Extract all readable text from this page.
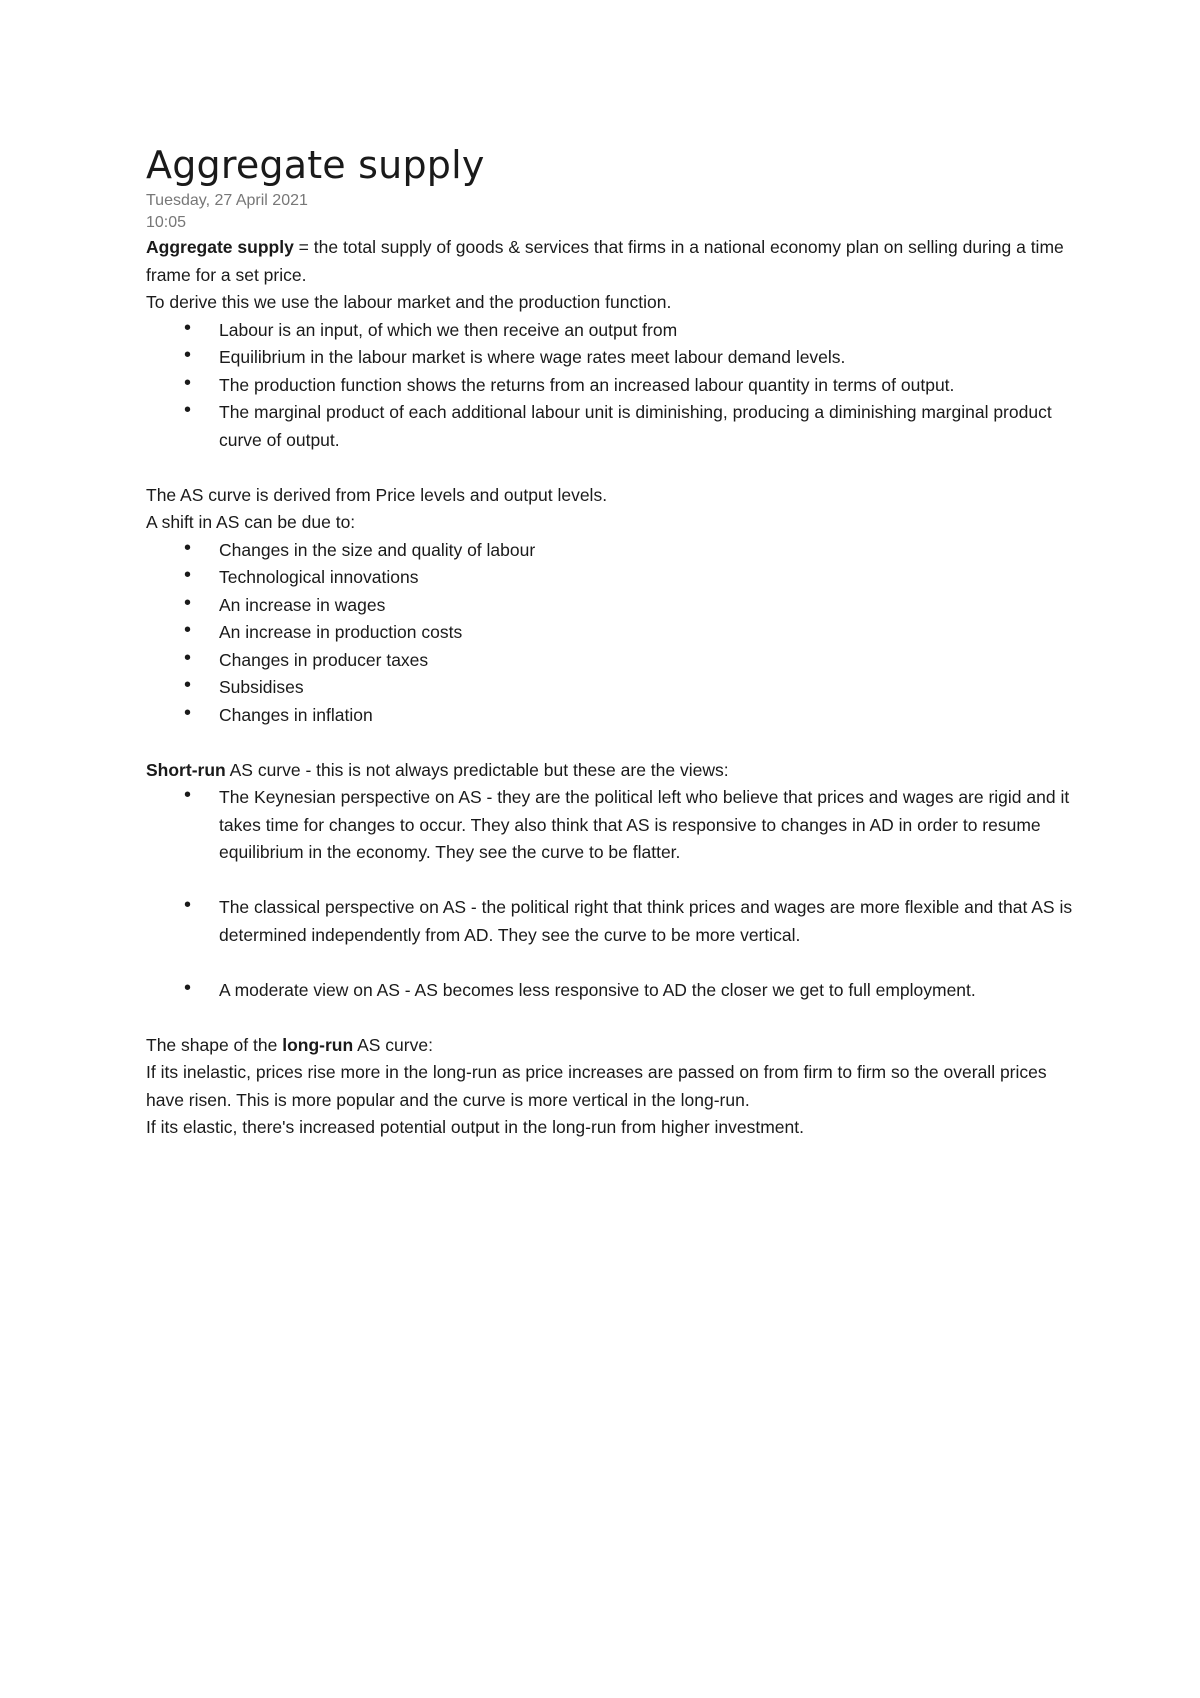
Aggregate supply
Tuesday, 27 April 2021
10:05

Aggregate supply = the total supply of goods & services that firms in a national economy plan on selling during a time frame for a set price.

To derive this we use the labour market and the production function.

• Labour is an input, of which we then receive an output from
• Equilibrium in the labour market is where wage rates meet labour demand levels.
• The production function shows the returns from an increased labour quantity in terms of output.
• The marginal product of each additional labour unit is diminishing, producing a diminishing marginal product curve of output.

The AS curve is derived from Price levels and output levels.

A shift in AS can be due to:

• Changes in the size and quality of labour
• Technological innovations
• An increase in wages
• An increase in production costs
• Changes in producer taxes
• Subsidises
• Changes in inflation

Short-run AS curve - this is not always predictable but these are the views:

• The Keynesian perspective on AS - they are the political left who believe that prices and wages are rigid and it takes time for changes to occur. They also think that AS is responsive to changes in AD in order to resume equilibrium in the economy. They see the curve to be flatter.
• The classical perspective on AS - the political right that think prices and wages are more flexible and that AS is determined independently from AD. They see the curve to be more vertical.
• A moderate view on AS - AS becomes less responsive to AD the closer we get to full employment.

The shape of the long-run AS curve:

If its inelastic, prices rise more in the long-run as price increases are passed on from firm to firm so the overall prices have risen. This is more popular and the curve is more vertical in the long-run.

If its elastic, there's increased potential output in the long-run from higher investment.
